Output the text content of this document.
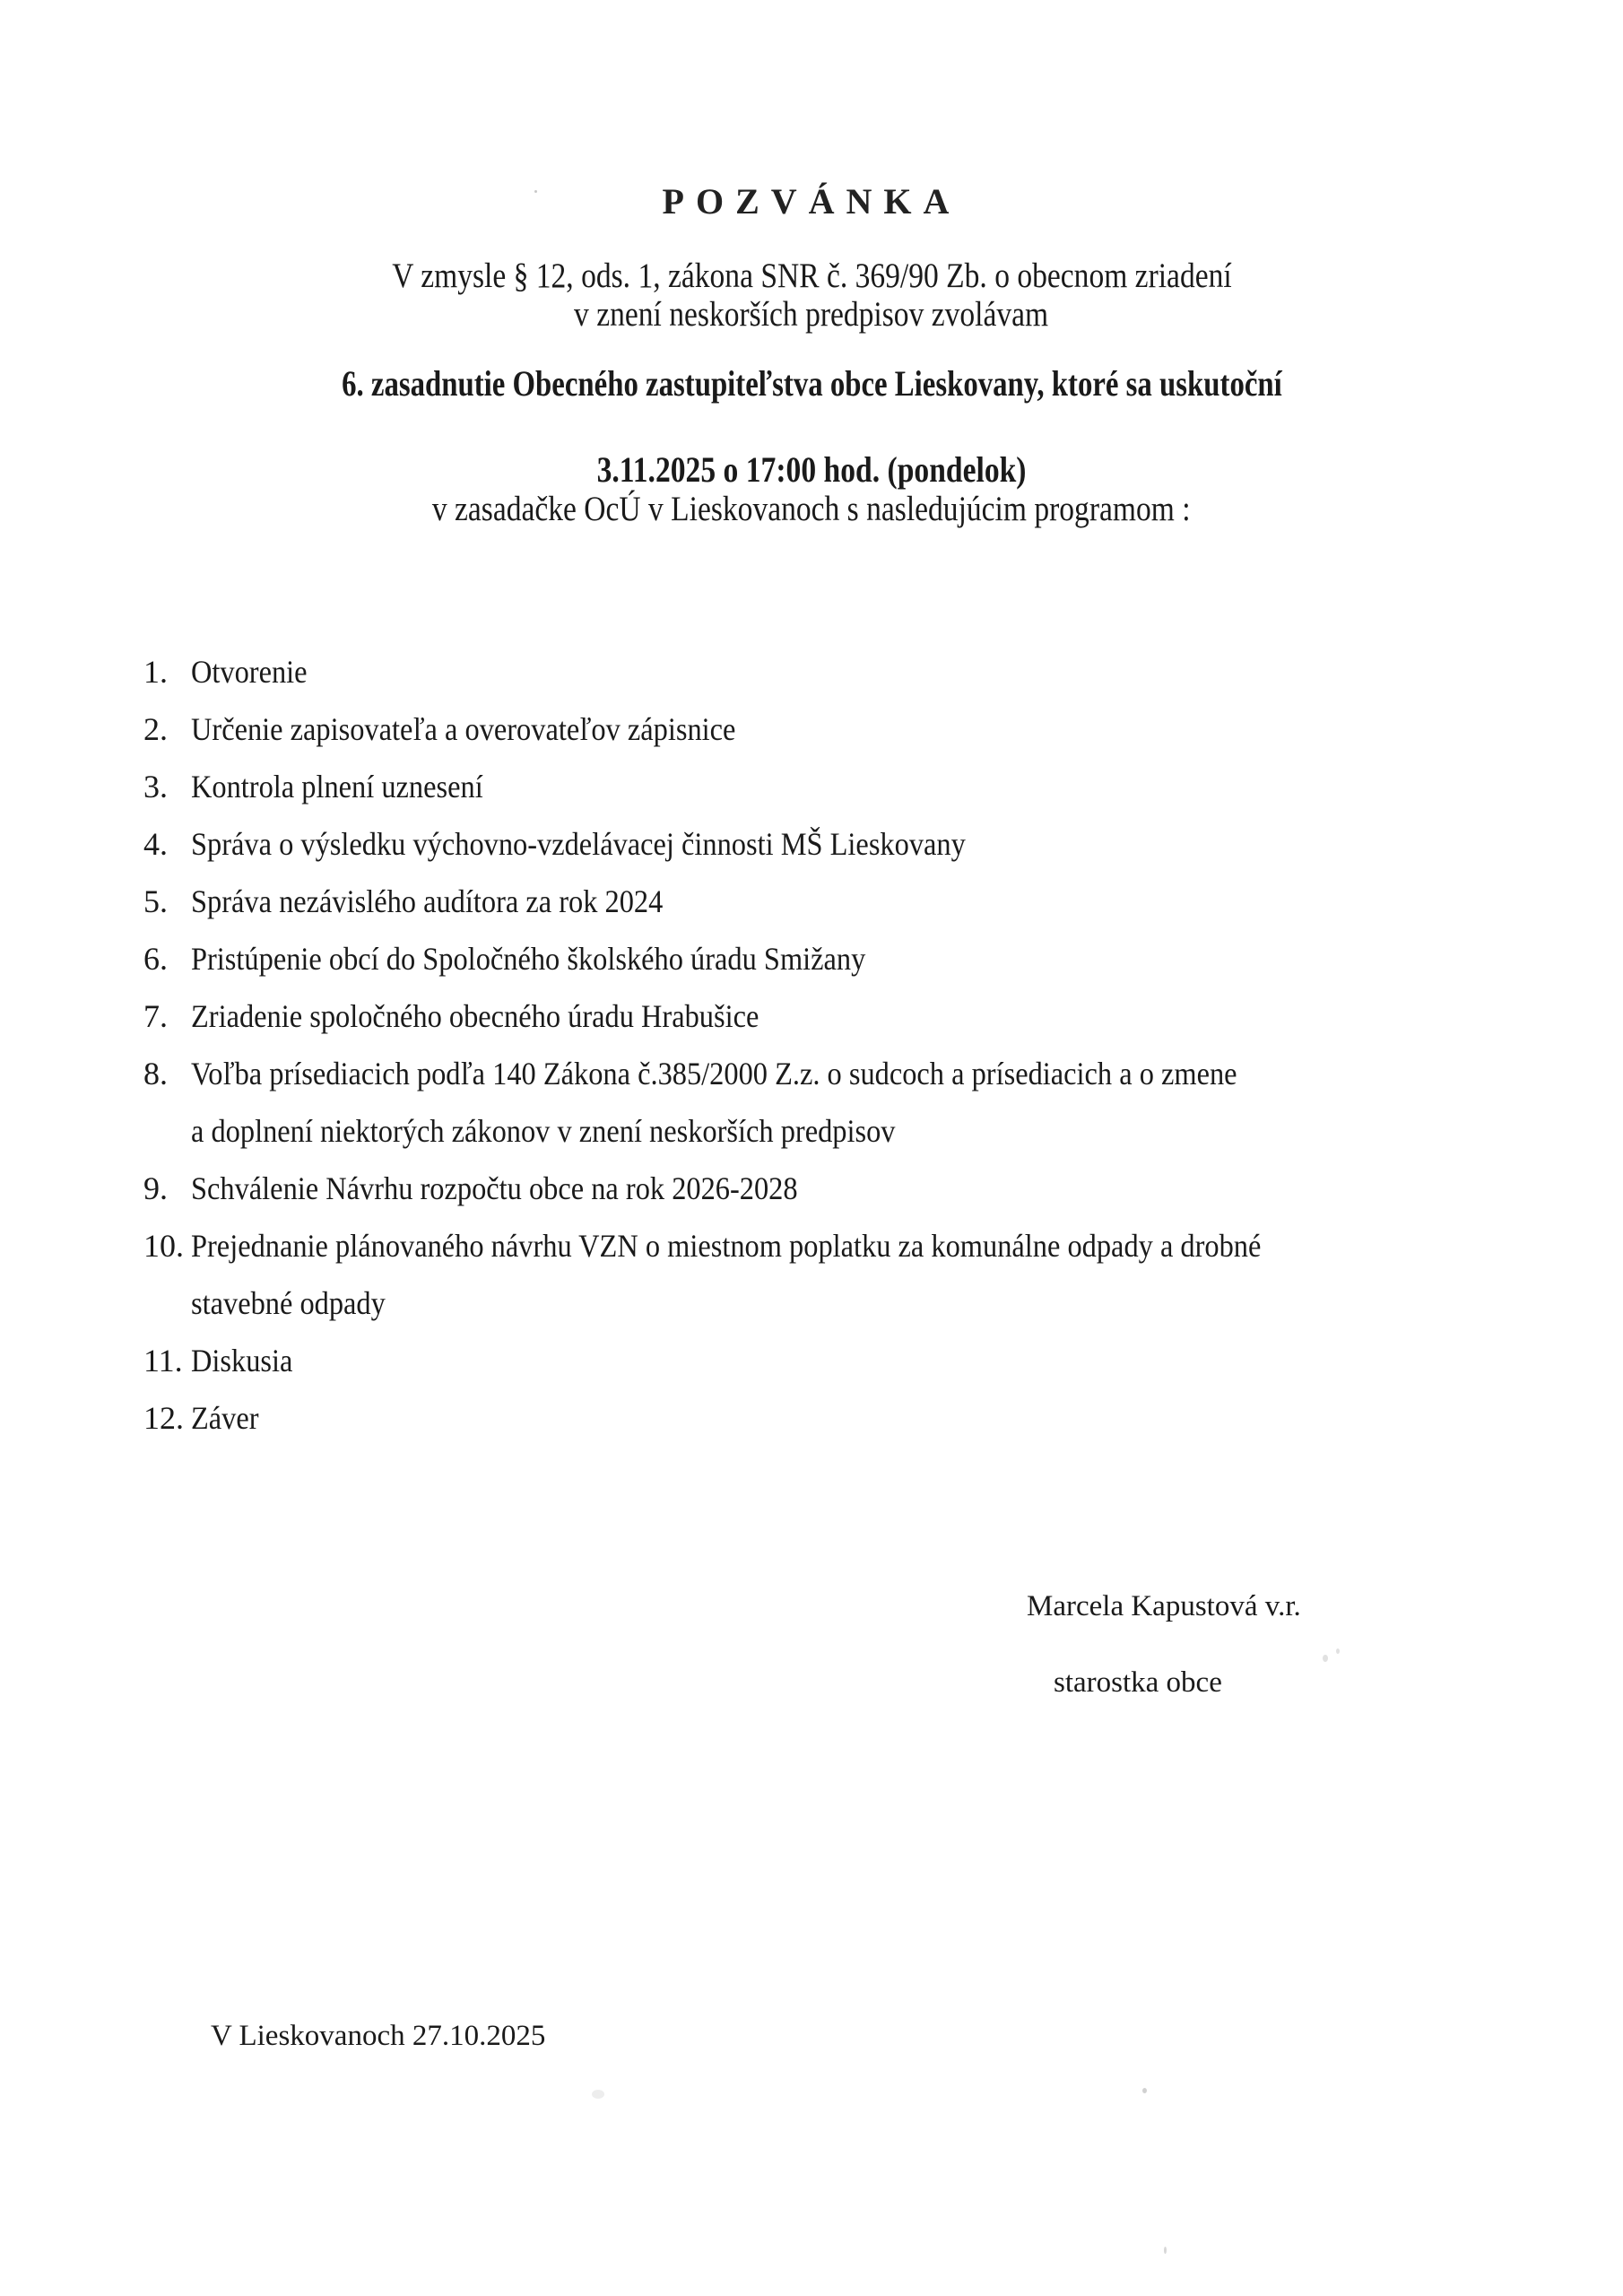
POZVÁNKA
V zmysle § 12, ods. 1, zákona SNR č. 369/90 Zb. o obecnom zriadení
v znení neskorších predpisov zvolávam
6. zasadnutie Obecného zastupiteľstva obce Lieskovany, ktoré sa uskutoční
3.11.2025 o 17:00 hod. (pondelok)
v zasadačke OcÚ v Lieskovanoch s nasledujúcim programom :
1. Otvorenie
2. Určenie zapisovateľa a overovateľov zápisnice
3. Kontrola plnení uznesení
4. Správa o výsledku výchovno-vzdelávacej činnosti MŠ Lieskovany
5. Správa nezávislého audítora za rok 2024
6. Pristúpenie obcí do Spoločného školského úradu Smižany
7. Zriadenie spoločného obecného úradu Hrabušice
8. Voľba prísediacich podľa 140 Zákona č.385/2000 Z.z. o sudcoch a prísediacich a o zmene
a doplnení niektorých zákonov v znení neskorších predpisov
9. Schválenie Návrhu rozpočtu obce na rok 2026-2028
10. Prejednanie plánovaného návrhu VZN o miestnom poplatku za komunálne odpady a drobné
stavebné odpady
11. Diskusia
12. Záver
Marcela Kapustová v.r.
starostka obce
V Lieskovanoch 27.10.2025
